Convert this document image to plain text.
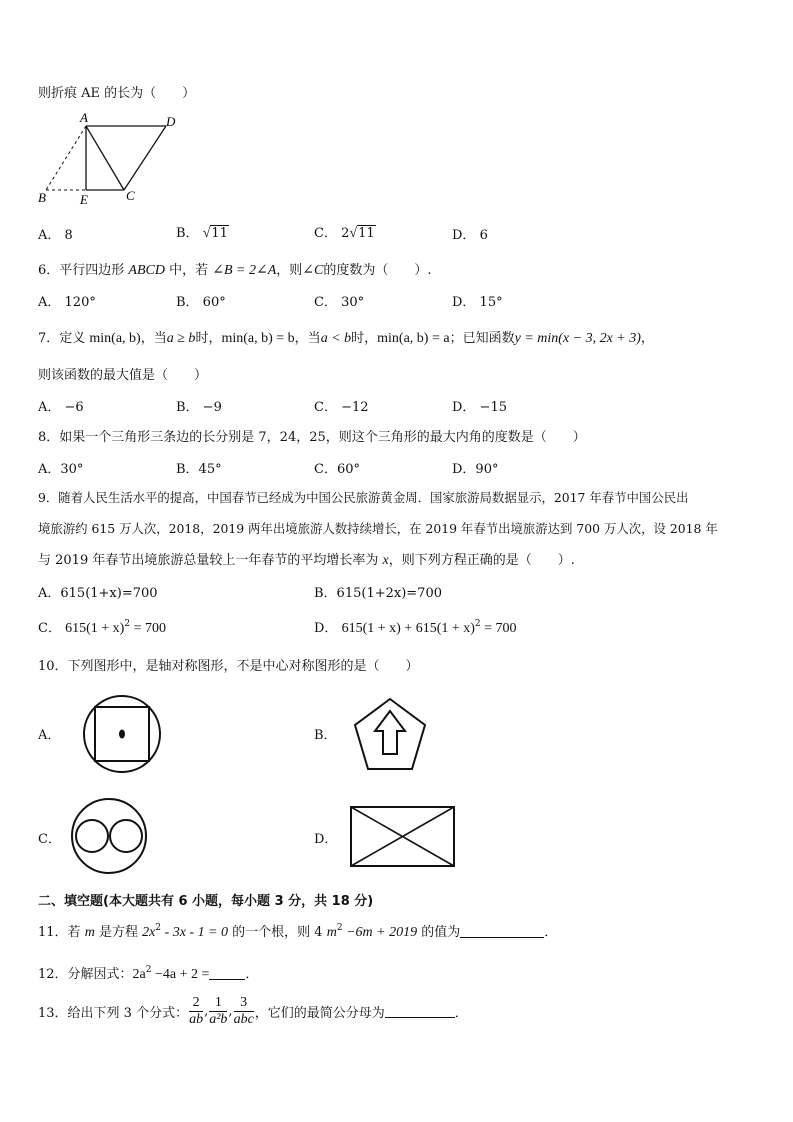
则折痕 AE 的长为（　　）
A	D
B	E	C
A． 8	B． √11	C． 2√11	D． 6
6．平行四边形 ABCD 中，若 ∠B = 2∠A，则∠C的度数为（　　）.
A． 120°	B． 60°	C． 30°	D． 15°
7．定义 min(a, b)，当a ≥ b时，min(a, b) = b，当a < b时，min(a, b) = a；已知函数y = min(x − 3, 2x + 3)，
则该函数的最大值是（　　）
A． −6	B． −9	C． −12	D． −15
8．如果一个三角形三条边的长分别是 7，24，25，则这个三角形的最大内角的度数是（　　）
A．30°	B．45°	C．60°	D．90°
9．随着人民生活水平的提高，中国春节已经成为中国公民旅游黄金周．国家旅游局数据显示，2017 年春节中国公民出
境旅游约 615 万人次，2018，2019 两年出境旅游人数持续增长，在 2019 年春节出境旅游达到 700 万人次，设 2018 年
与 2019 年春节出境旅游总量较上一年春节的平均增长率为 x，则下列方程正确的是（　　）.
A．615(1+x)=700	B．615(1+2x)=700
C． $615(1 + x)^2 = 700$	D． $615(1 + x) + 615(1 + x)^2 = 700$
10．下列图形中，是轴对称图形，不是中心对称图形的是（　　）
A．	B．
C．	D．
二、填空题(本大题共有 6 小题，每小题 3 分，共 18 分)
11．若 m 是方程 $2x^2 - 3x - 1 = 0$ 的一个根，则 4 $m^2 -6m + 2019$ 的值为	．
12．分解因式：$2a^2 -4a + 2$ =	．
13．给出下列 3 个分式： $\frac{2}{ab}$ , $\frac{1}{\text{a²b}}$ , $\frac{3}{\text{abc}}$ ，它们的最简公分母为	．
